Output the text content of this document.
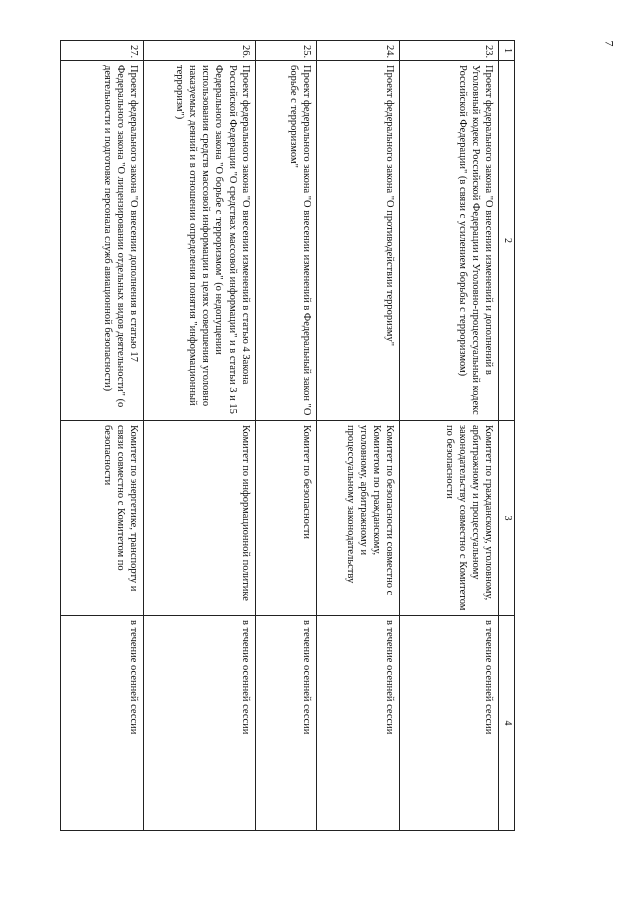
7
1	2	3	4
23.	Проект федерального закона "О внесении изменений и дополнений в Уголовный кодекс Российской Федерации и Уголовно-процессуальный кодекс Российской Федерации" (в связи с усилением борьбы с терроризмом)	Комитет по гражданскому, уголовному, арбитражному и процессуальному законодательству совместно с Комитетом по безопасности	в течение осенней сессии
24.	Проект федерального закона "О противодействии терроризму"	Комитет по безопасности совместно с Комитетом по гражданскому, уголовному, арбитражному и процессуальному законодательству	в течение осенней сессии
25.	Проект федерального закона "О внесении изменений в Федеральный закон "О борьбе с терроризмом"	Комитет по безопасности	в течение осенней сессии
26.	Проект федерального закона "О внесении изменений в статью 4 Закона Российской Федерации "О средствах массовой информации" и в статьи 3 и 15 Федерального закона "О борьбе с терроризмом" (о недопущении использования средств массовой информации в целях совершения уголовно наказуемых деяний и в отношении определения понятия "информационный терроризм")	Комитет по информационной политике	в течение осенней сессии
27.	Проект федерального закона "О внесении дополнения в статью 17 Федерального закона "О лицензировании отдельных видов деятельности" (о деятельности и подготовке персонала служб авиационной безопасности)	Комитет по энергетике, транспорту и связи совместно с Комитетом по безопасности	в течение осенней сессии
